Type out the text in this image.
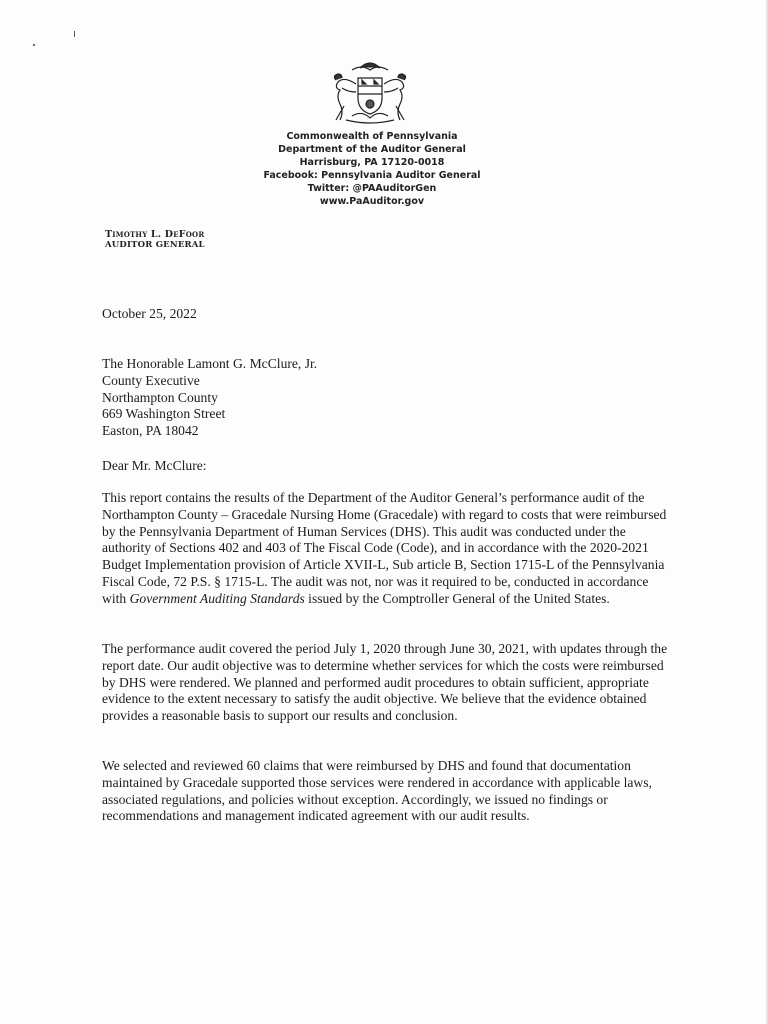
Commonwealth of Pennsylvania
Department of the Auditor General
Harrisburg, PA 17120-0018
Facebook: Pennsylvania Auditor General
Twitter: @PAAuditorGen
www.PaAuditor.gov
Timothy L. DeFoor
AUDITOR GENERAL
October 25, 2022
The Honorable Lamont G. McClure, Jr.
County Executive
Northampton County
669 Washington Street
Easton, PA 18042
Dear Mr. McClure:
This report contains the results of the Department of the Auditor General’s performance audit of the Northampton County – Gracedale Nursing Home (Gracedale) with regard to costs that were reimbursed by the Pennsylvania Department of Human Services (DHS). This audit was conducted under the authority of Sections 402 and 403 of The Fiscal Code (Code), and in accordance with the 2020-2021 Budget Implementation provision of Article XVII-L, Sub article B, Section 1715-L of the Pennsylvania Fiscal Code, 72 P.S. § 1715-L. The audit was not, nor was it required to be, conducted in accordance with Government Auditing Standards issued by the Comptroller General of the United States.
The performance audit covered the period July 1, 2020 through June 30, 2021, with updates through the report date. Our audit objective was to determine whether services for which the costs were reimbursed by DHS were rendered. We planned and performed audit procedures to obtain sufficient, appropriate evidence to the extent necessary to satisfy the audit objective. We believe that the evidence obtained provides a reasonable basis to support our results and conclusion.
We selected and reviewed 60 claims that were reimbursed by DHS and found that documentation maintained by Gracedale supported those services were rendered in accordance with applicable laws, associated regulations, and policies without exception. Accordingly, we issued no findings or recommendations and management indicated agreement with our audit results.
